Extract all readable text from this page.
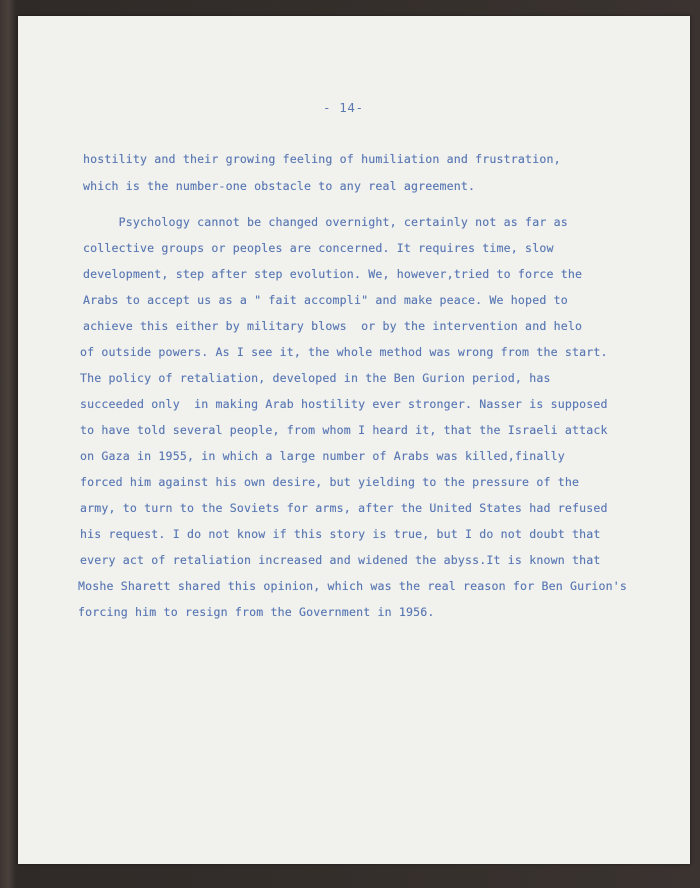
- 14-
hostility and their growing feeling of humiliation and frustration,
which is the number-one obstacle to any real agreement.
Psychology cannot be changed overnight, certainly not as far as
collective groups or peoples are concerned. It requires time, slow
development, step after step evolution. We, however,tried to force the
Arabs to accept us as a " fait accompli" and make peace. We hoped to
achieve this either by military blows  or by the intervention and helo
of outside powers. As I see it, the whole method was wrong from the start.
The policy of retaliation, developed in the Ben Gurion period, has
succeeded only  in making Arab hostility ever stronger. Nasser is supposed
to have told several people, from whom I heard it, that the Israeli attack
on Gaza in 1955, in which a large number of Arabs was killed,finally
forced him against his own desire, but yielding to the pressure of the
army, to turn to the Soviets for arms, after the United States had refused
his request. I do not know if this story is true, but I do not doubt that
every act of retaliation increased and widened the abyss.It is known that
Moshe Sharett shared this opinion, which was the real reason for Ben Gurion's
forcing him to resign from the Government in 1956.
